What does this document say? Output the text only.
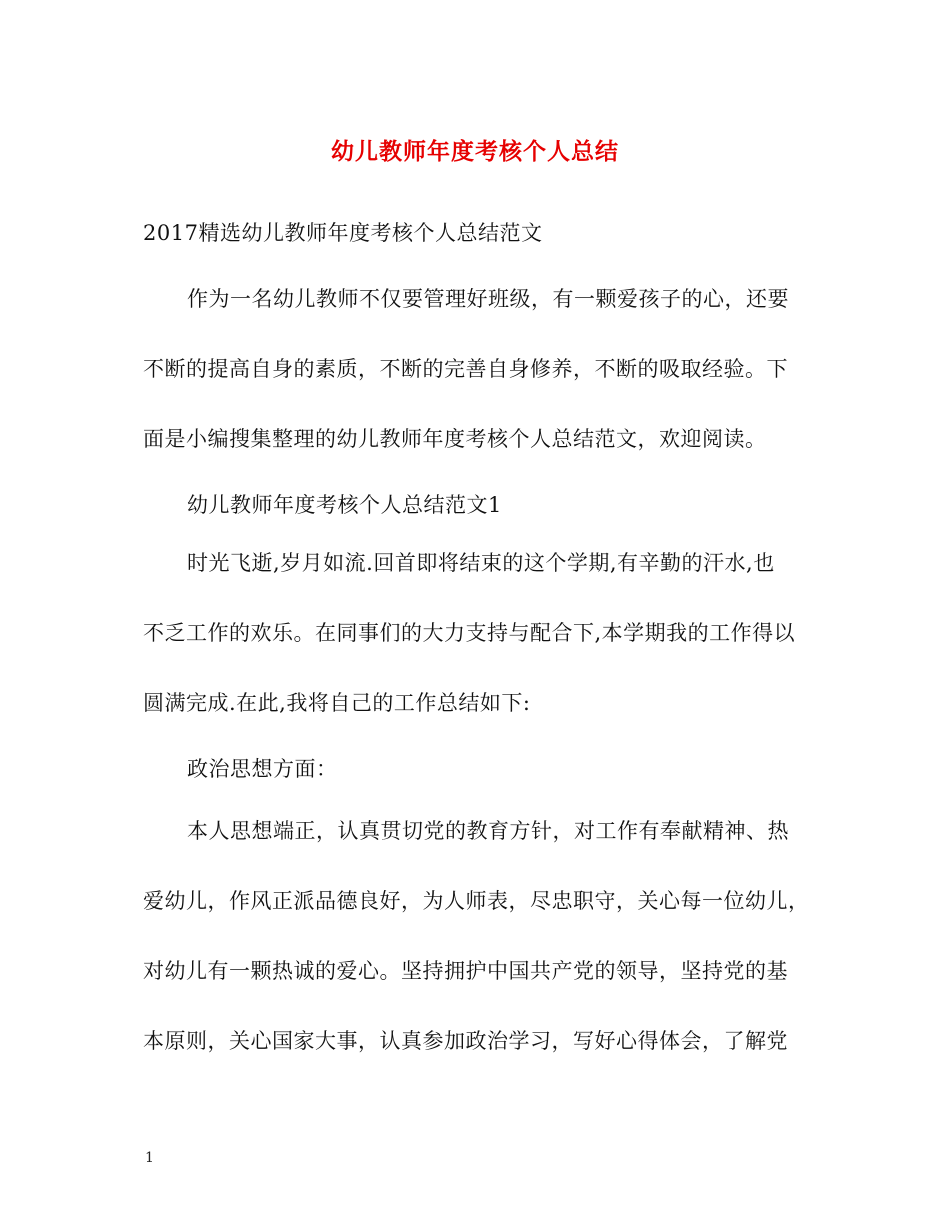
幼儿教师年度考核个人总结
2017精选幼儿教师年度考核个人总结范文
作为一名幼儿教师不仅要管理好班级，有一颗爱孩子的心，还要
不断的提高自身的素质，不断的完善自身修养，不断的吸取经验。下
面是小编搜集整理的幼儿教师年度考核个人总结范文，欢迎阅读。
幼儿教师年度考核个人总结范文1
时光飞逝,岁月如流.回首即将结束的这个学期,有辛勤的汗水,也
不乏工作的欢乐。在同事们的大力支持与配合下,本学期我的工作得以
圆满完成.在此,我将自己的工作总结如下:
政治思想方面：
本人思想端正，认真贯切党的教育方针，对工作有奉献精神、热
爱幼儿，作风正派品德良好，为人师表，尽忠职守，关心每一位幼儿，
对幼儿有一颗热诚的爱心。坚持拥护中国共产党的领导，坚持党的基
本原则，关心国家大事，认真参加政治学习，写好心得体会，了解党
1
